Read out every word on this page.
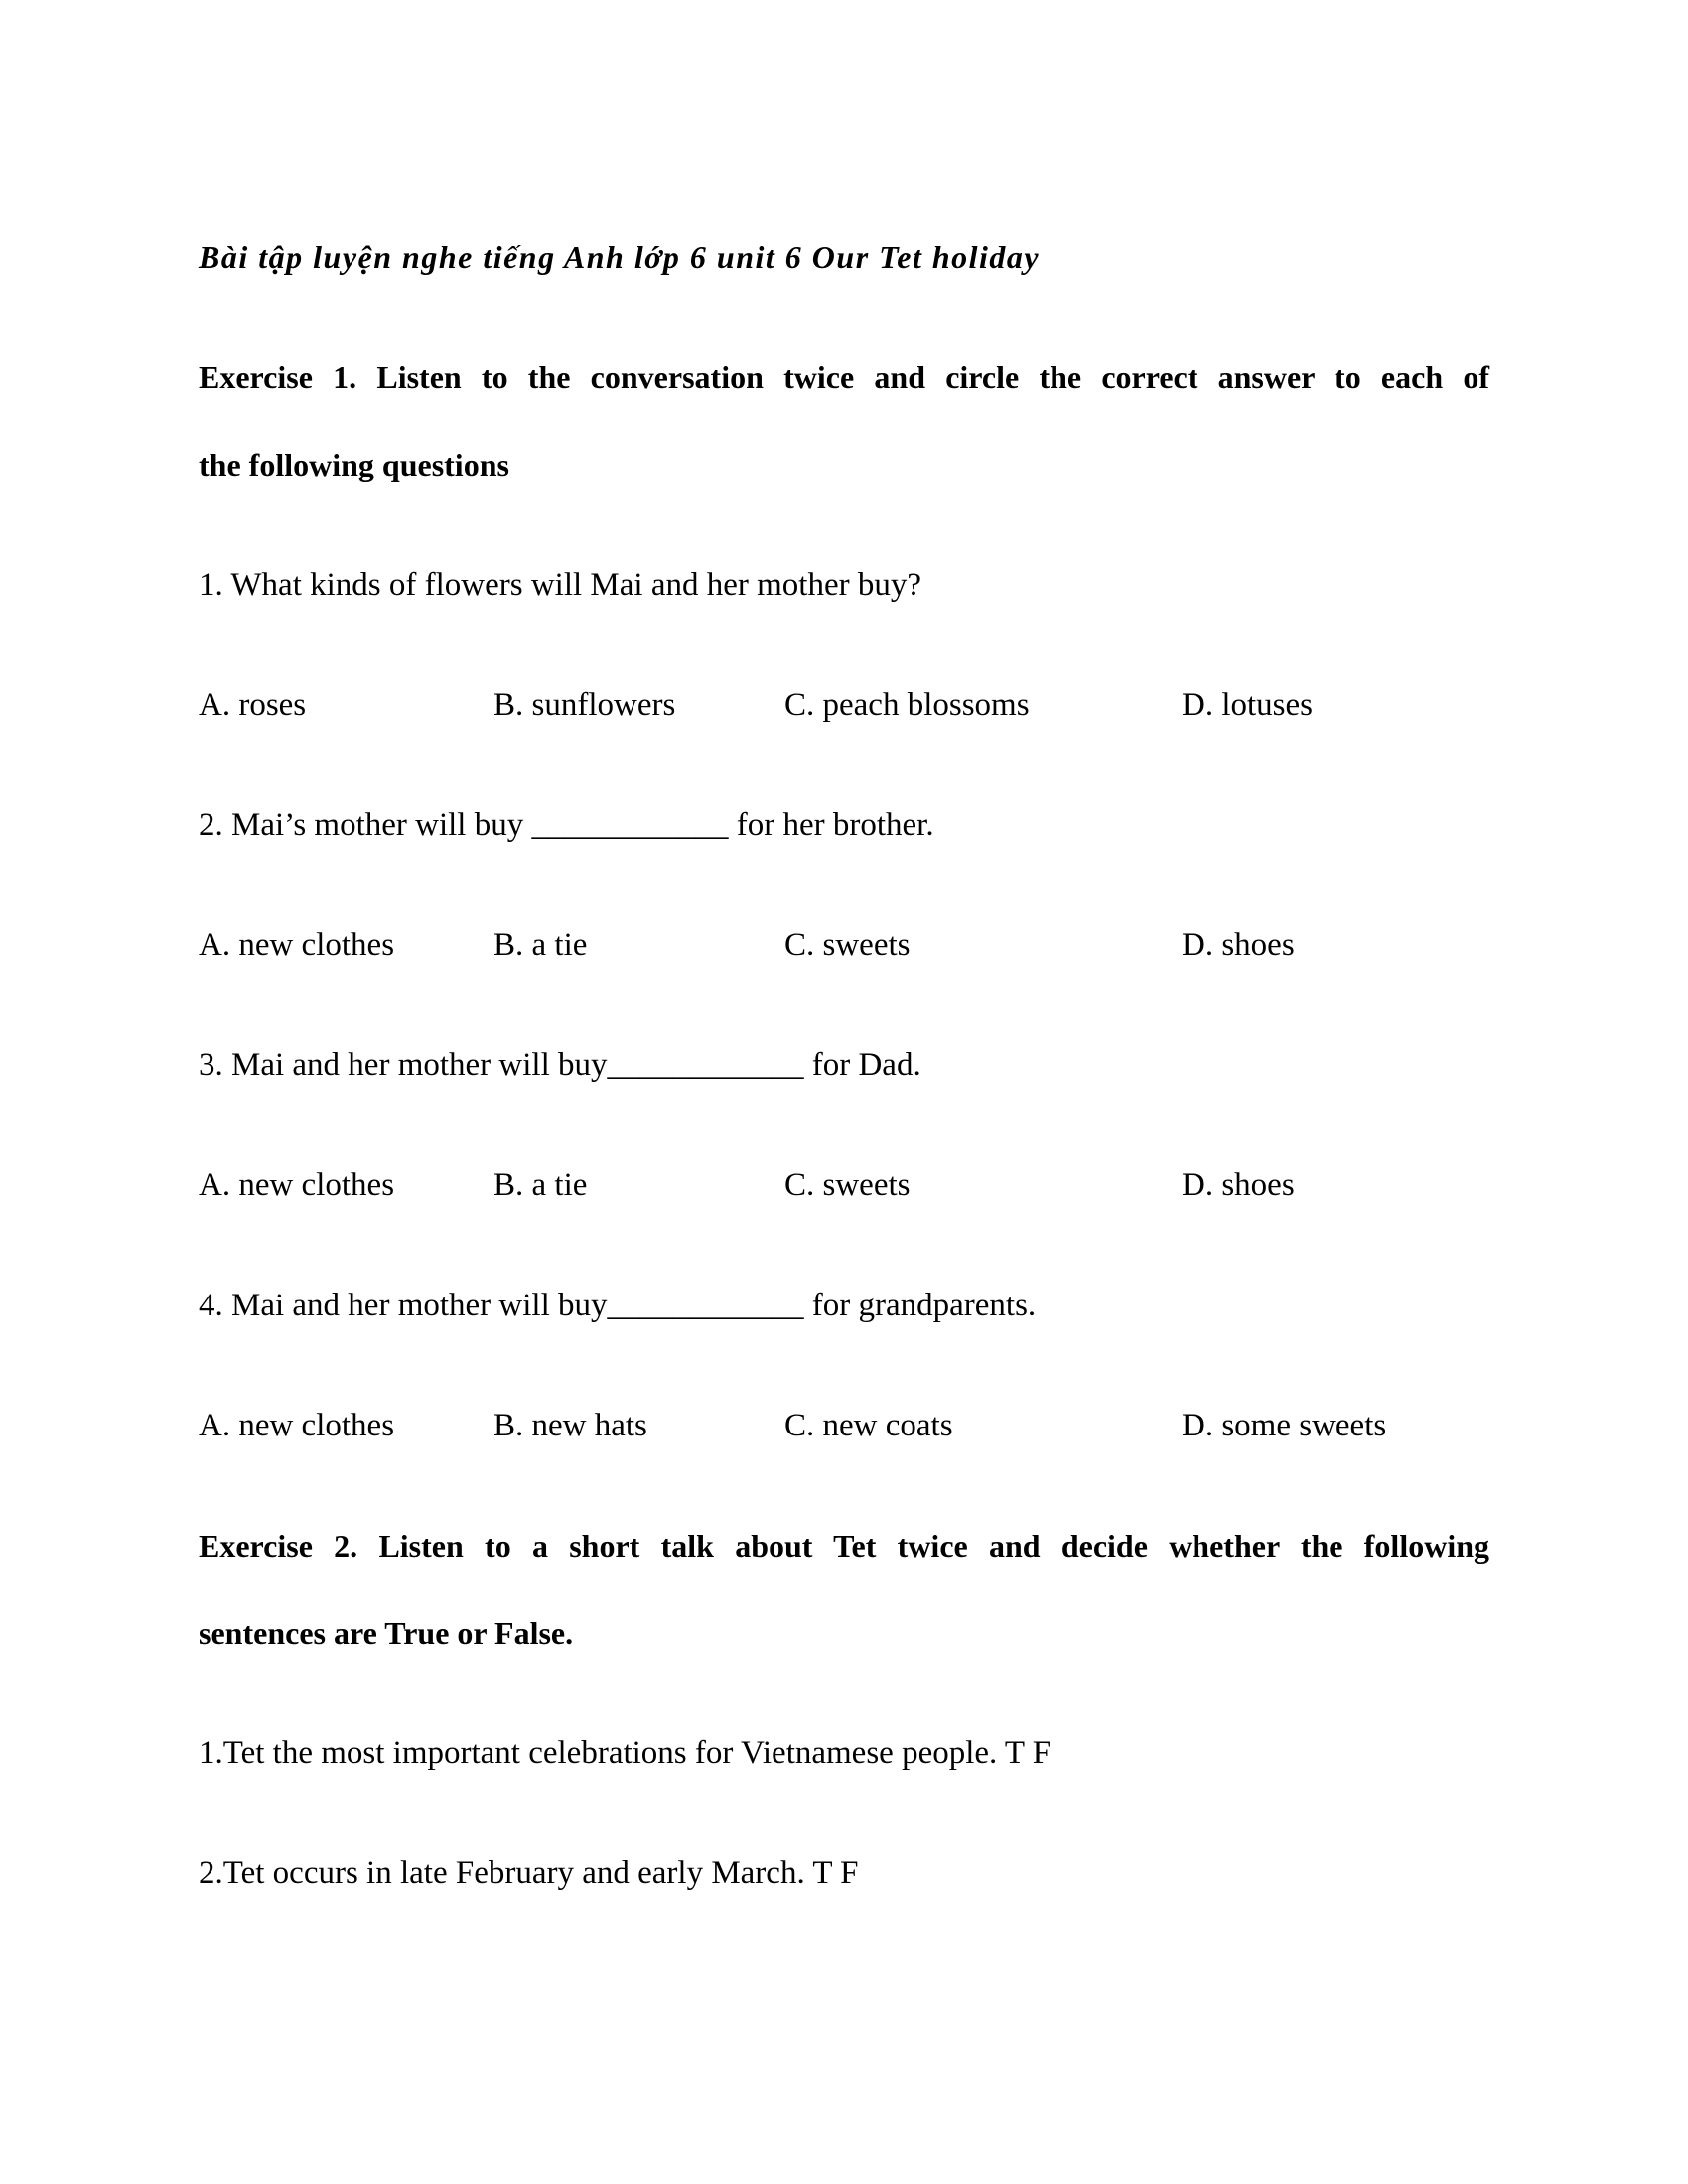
Bài tập luyện nghe tiếng Anh lớp 6 unit 6 Our Tet holiday
Exercise 1. Listen to the conversation twice and circle the correct answer to each of
the following questions
1. What kinds of flowers will Mai and her mother buy?
A. roses	B. sunflowers	C. peach blossoms	D. lotuses
2. Mai’s mother will buy ____________ for her brother.
A. new clothes	B. a tie	C. sweets	D. shoes
3. Mai and her mother will buy____________ for Dad.
A. new clothes	B. a tie	C. sweets	D. shoes
4. Mai and her mother will buy____________ for grandparents.
A. new clothes	B. new hats	C. new coats	D. some sweets
Exercise 2. Listen to a short talk about Tet twice and decide whether the following
sentences are True or False.
1.Tet the most important celebrations for Vietnamese people. T F
2.Tet occurs in late February and early March. T F
